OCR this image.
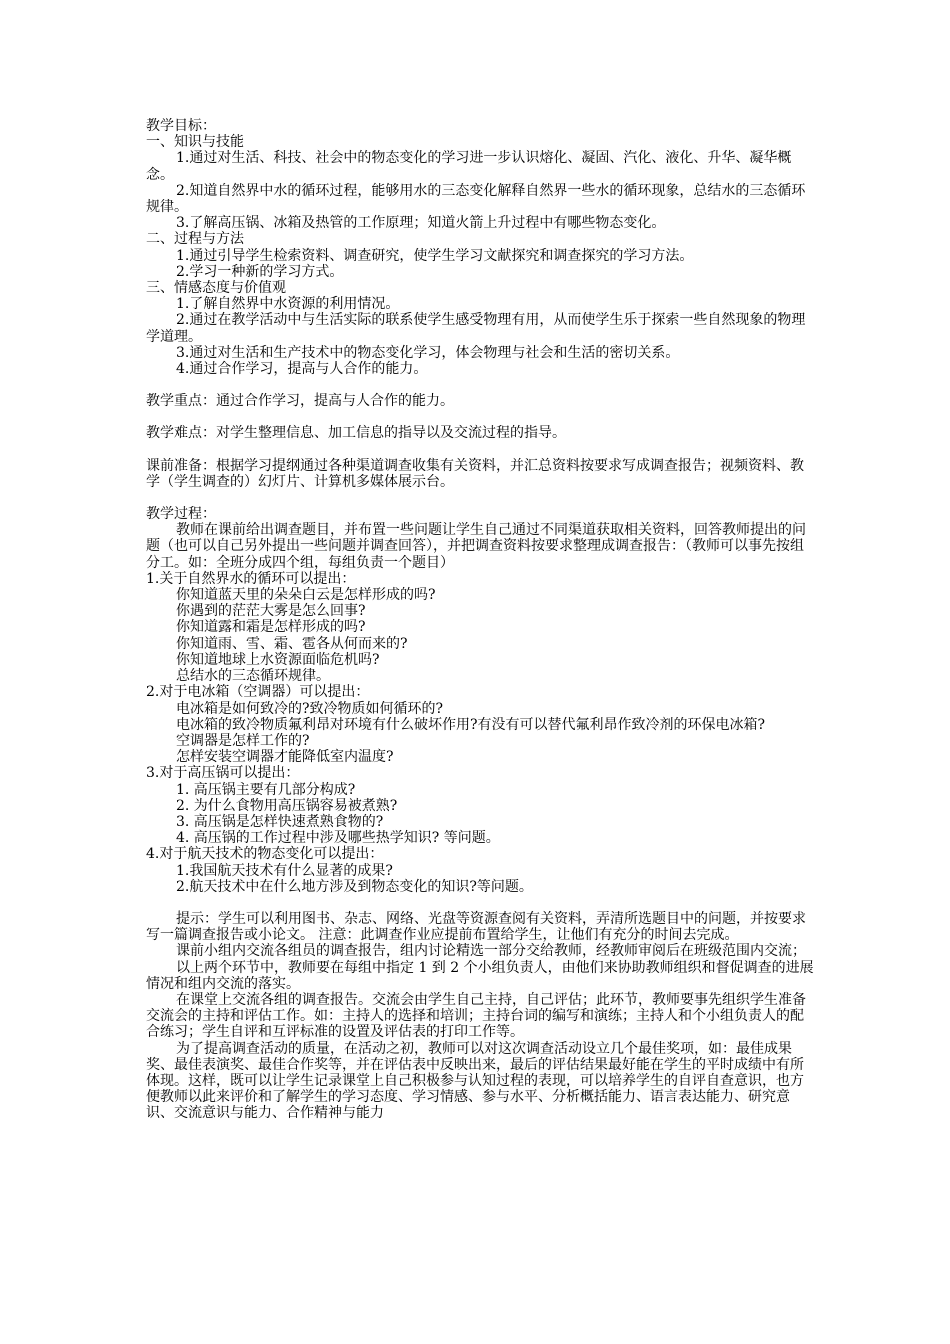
教学目标：

一、知识与技能

1.通过对生活、科技、社会中的物态变化的学习进一步认识熔化、凝固、汽化、液化、升华、凝华概念。

2.知道自然界中水的循环过程，能够用水的三态变化解释自然界一些水的循环现象，总结水的三态循环规律。

3.了解高压锅、冰箱及热管的工作原理；知道火箭上升过程中有哪些物态变化。

二、过程与方法

1.通过引导学生检索资料、调查研究，使学生学习文献探究和调查探究的学习方法。

2.学习一种新的学习方式。

三、情感态度与价值观

1.了解自然界中水资源的利用情况。

2.通过在教学活动中与生活实际的联系使学生感受物理有用，从而使学生乐于探索一些自然现象的物理学道理。

3.通过对生活和生产技术中的物态变化学习，体会物理与社会和生活的密切关系。

4.通过合作学习，提高与人合作的能力。

教学重点：通过合作学习，提高与人合作的能力。

教学难点：对学生整理信息、加工信息的指导以及交流过程的指导。

课前准备：根据学习提纲通过各种渠道调查收集有关资料，并汇总资料按要求写成调查报告；视频资料、教学（学生调查的）幻灯片、计算机多媒体展示台。

教学过程：

教师在课前给出调查题目，并布置一些问题让学生自己通过不同渠道获取相关资料，回答教师提出的问题（也可以自己另外提出一些问题并调查回答），并把调查资料按要求整理成调查报告：（教师可以事先按组分工。如：全班分成四个组，每组负责一个题目）

1.关于自然界水的循环可以提出：

你知道蓝天里的朵朵白云是怎样形成的吗?

你遇到的茫茫大雾是怎么回事?

你知道露和霜是怎样形成的吗?

你知道雨、雪、霜、雹各从何而来的?

你知道地球上水资源面临危机吗?

总结水的三态循环规律。

2.对于电冰箱（空调器）可以提出：

电冰箱是如何致冷的?致冷物质如何循环的?

电冰箱的致冷物质氟利昂对环境有什么破坏作用?有没有可以替代氟利昂作致冷剂的环保电冰箱?

空调器是怎样工作的?

怎样安装空调器才能降低室内温度?

3.对于高压锅可以提出：

1. 高压锅主要有几部分构成?

2. 为什么食物用高压锅容易被煮熟?

3. 高压锅是怎样快速煮熟食物的?

4. 高压锅的工作过程中涉及哪些热学知识? 等问题。

4.对于航天技术的物态变化可以提出：

1.我国航天技术有什么显著的成果?

2.航天技术中在什么地方涉及到物态变化的知识?等问题。

提示：学生可以利用图书、杂志、网络、光盘等资源查阅有关资料，弄清所选题目中的问题，并按要求写一篇调查报告或小论文。 注意：此调查作业应提前布置给学生，让他们有充分的时间去完成。

课前小组内交流各组员的调查报告，组内讨论精选一部分交给教师，经教师审阅后在班级范围内交流；

以上两个环节中，教师要在每组中指定 1 到 2 个小组负责人，由他们来协助教师组织和督促调查的进展情况和组内交流的落实。

在课堂上交流各组的调查报告。交流会由学生自己主持，自己评估；此环节，教师要事先组织学生准备交流会的主持和评估工作。如：主持人的选择和培训；主持台词的编写和演练；主持人和个小组负责人的配合练习；学生自评和互评标准的设置及评估表的打印工作等。

为了提高调查活动的质量，在活动之初，教师可以对这次调查活动设立几个最佳奖项，如：最佳成果奖、最佳表演奖、最佳合作奖等，并在评估表中反映出来，最后的评估结果最好能在学生的平时成绩中有所体现。这样，既可以让学生记录课堂上自己积极参与认知过程的表现，可以培养学生的自评自查意识，也方便教师以此来评价和了解学生的学习态度、学习情感、参与水平、分析概括能力、语言表达能力、研究意识、交流意识与能力、合作精神与能力
